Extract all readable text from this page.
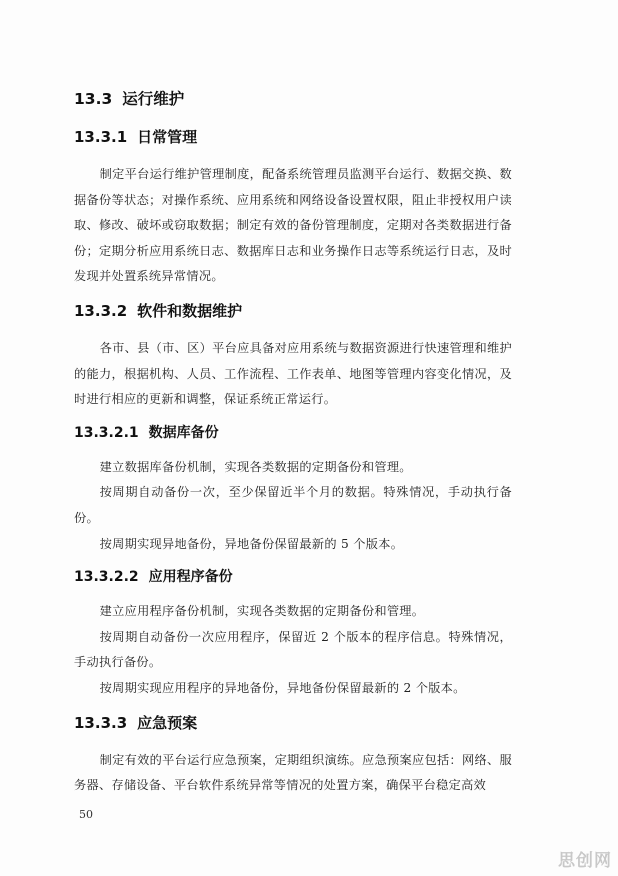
13.3 运行维护
13.3.1 日常管理

制定平台运行维护管理制度，配备系统管理员监测平台运行、数据交换、数据备份等状态；对操作系统、应用系统和网络设备设置权限，阻止非授权用户读取、修改、破坏或窃取数据；制定有效的备份管理制度，定期对各类数据进行备份；定期分析应用系统日志、数据库日志和业务操作日志等系统运行日志，及时发现并处置系统异常情况。

13.3.2 软件和数据维护

各市、县（市、区）平台应具备对应用系统与数据资源进行快速管理和维护的能力，根据机构、人员、工作流程、工作表单、地图等管理内容变化情况，及时进行相应的更新和调整，保证系统正常运行。

13.3.2.1 数据库备份

建立数据库备份机制，实现各类数据的定期备份和管理。

按周期自动备份一次，至少保留近半个月的数据。特殊情况，手动执行备份。

按周期实现异地备份，异地备份保留最新的 5 个版本。

13.3.2.2 应用程序备份

建立应用程序备份机制，实现各类数据的定期备份和管理。

按周期自动备份一次应用程序，保留近 2 个版本的程序信息。特殊情况，手动执行备份。

按周期实现应用程序的异地备份，异地备份保留最新的 2 个版本。

13.3.3 应急预案

制定有效的平台运行应急预案，定期组织演练。应急预案应包括：网络、服务器、存储设备、平台软件系统异常等情况的处置方案，确保平台稳定高效

50
思创网
